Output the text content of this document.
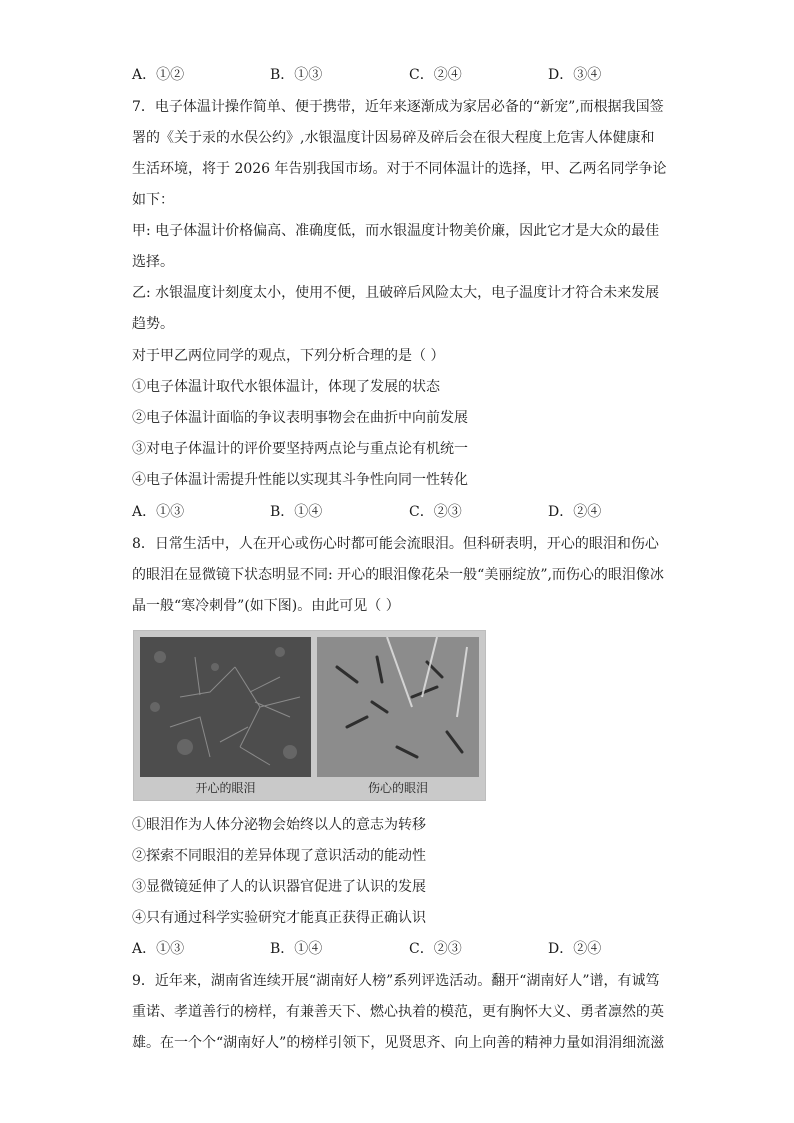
A．①②	B．①③	C．②④	D．③④
7．电子体温计操作简单、便于携带，近年来逐渐成为家居必备的“新宠”,而根据我国签
署的《关于汞的水俣公约》,水银温度计因易碎及碎后会在很大程度上危害人体健康和
生活环境，将于 2026 年告别我国市场。对于不同体温计的选择，甲、乙两名同学争论
如下：
甲: 电子体温计价格偏高、准确度低，而水银温度计物美价廉，因此它才是大众的最佳
选择。
乙: 水银温度计刻度太小，使用不便，且破碎后风险太大，电子温度计才符合未来发展
趋势。
对于甲乙两位同学的观点，下列分析合理的是（ ）
①电子体温计取代水银体温计，体现了发展的状态
②电子体温计面临的争议表明事物会在曲折中向前发展
③对电子体温计的评价要坚持两点论与重点论有机统一
④电子体温计需提升性能以实现其斗争性向同一性转化
A．①③	B．①④	C．②③	D．②④
8．日常生活中，人在开心或伤心时都可能会流眼泪。但科研表明，开心的眼泪和伤心
的眼泪在显微镜下状态明显不同: 开心的眼泪像花朵一般“美丽绽放”,而伤心的眼泪像冰
晶一般“寒冷刺骨”(如下图)。由此可见（ ）
开心的眼泪	伤心的眼泪
①眼泪作为人体分泌物会始终以人的意志为转移
②探索不同眼泪的差异体现了意识活动的能动性
③显微镜延伸了人的认识器官促进了认识的发展
④只有通过科学实验研究才能真正获得正确认识
A．①③	B．①④	C．②③	D．②④
9．近年来，湖南省连续开展“湖南好人榜”系列评选活动。翻开“湖南好人”谱，有诚笃
重诺、孝道善行的榜样，有兼善天下、燃心执着的模范，更有胸怀大义、勇者凛然的英
雄。在一个个“湖南好人”的榜样引领下，见贤思齐、向上向善的精神力量如涓涓细流滋
